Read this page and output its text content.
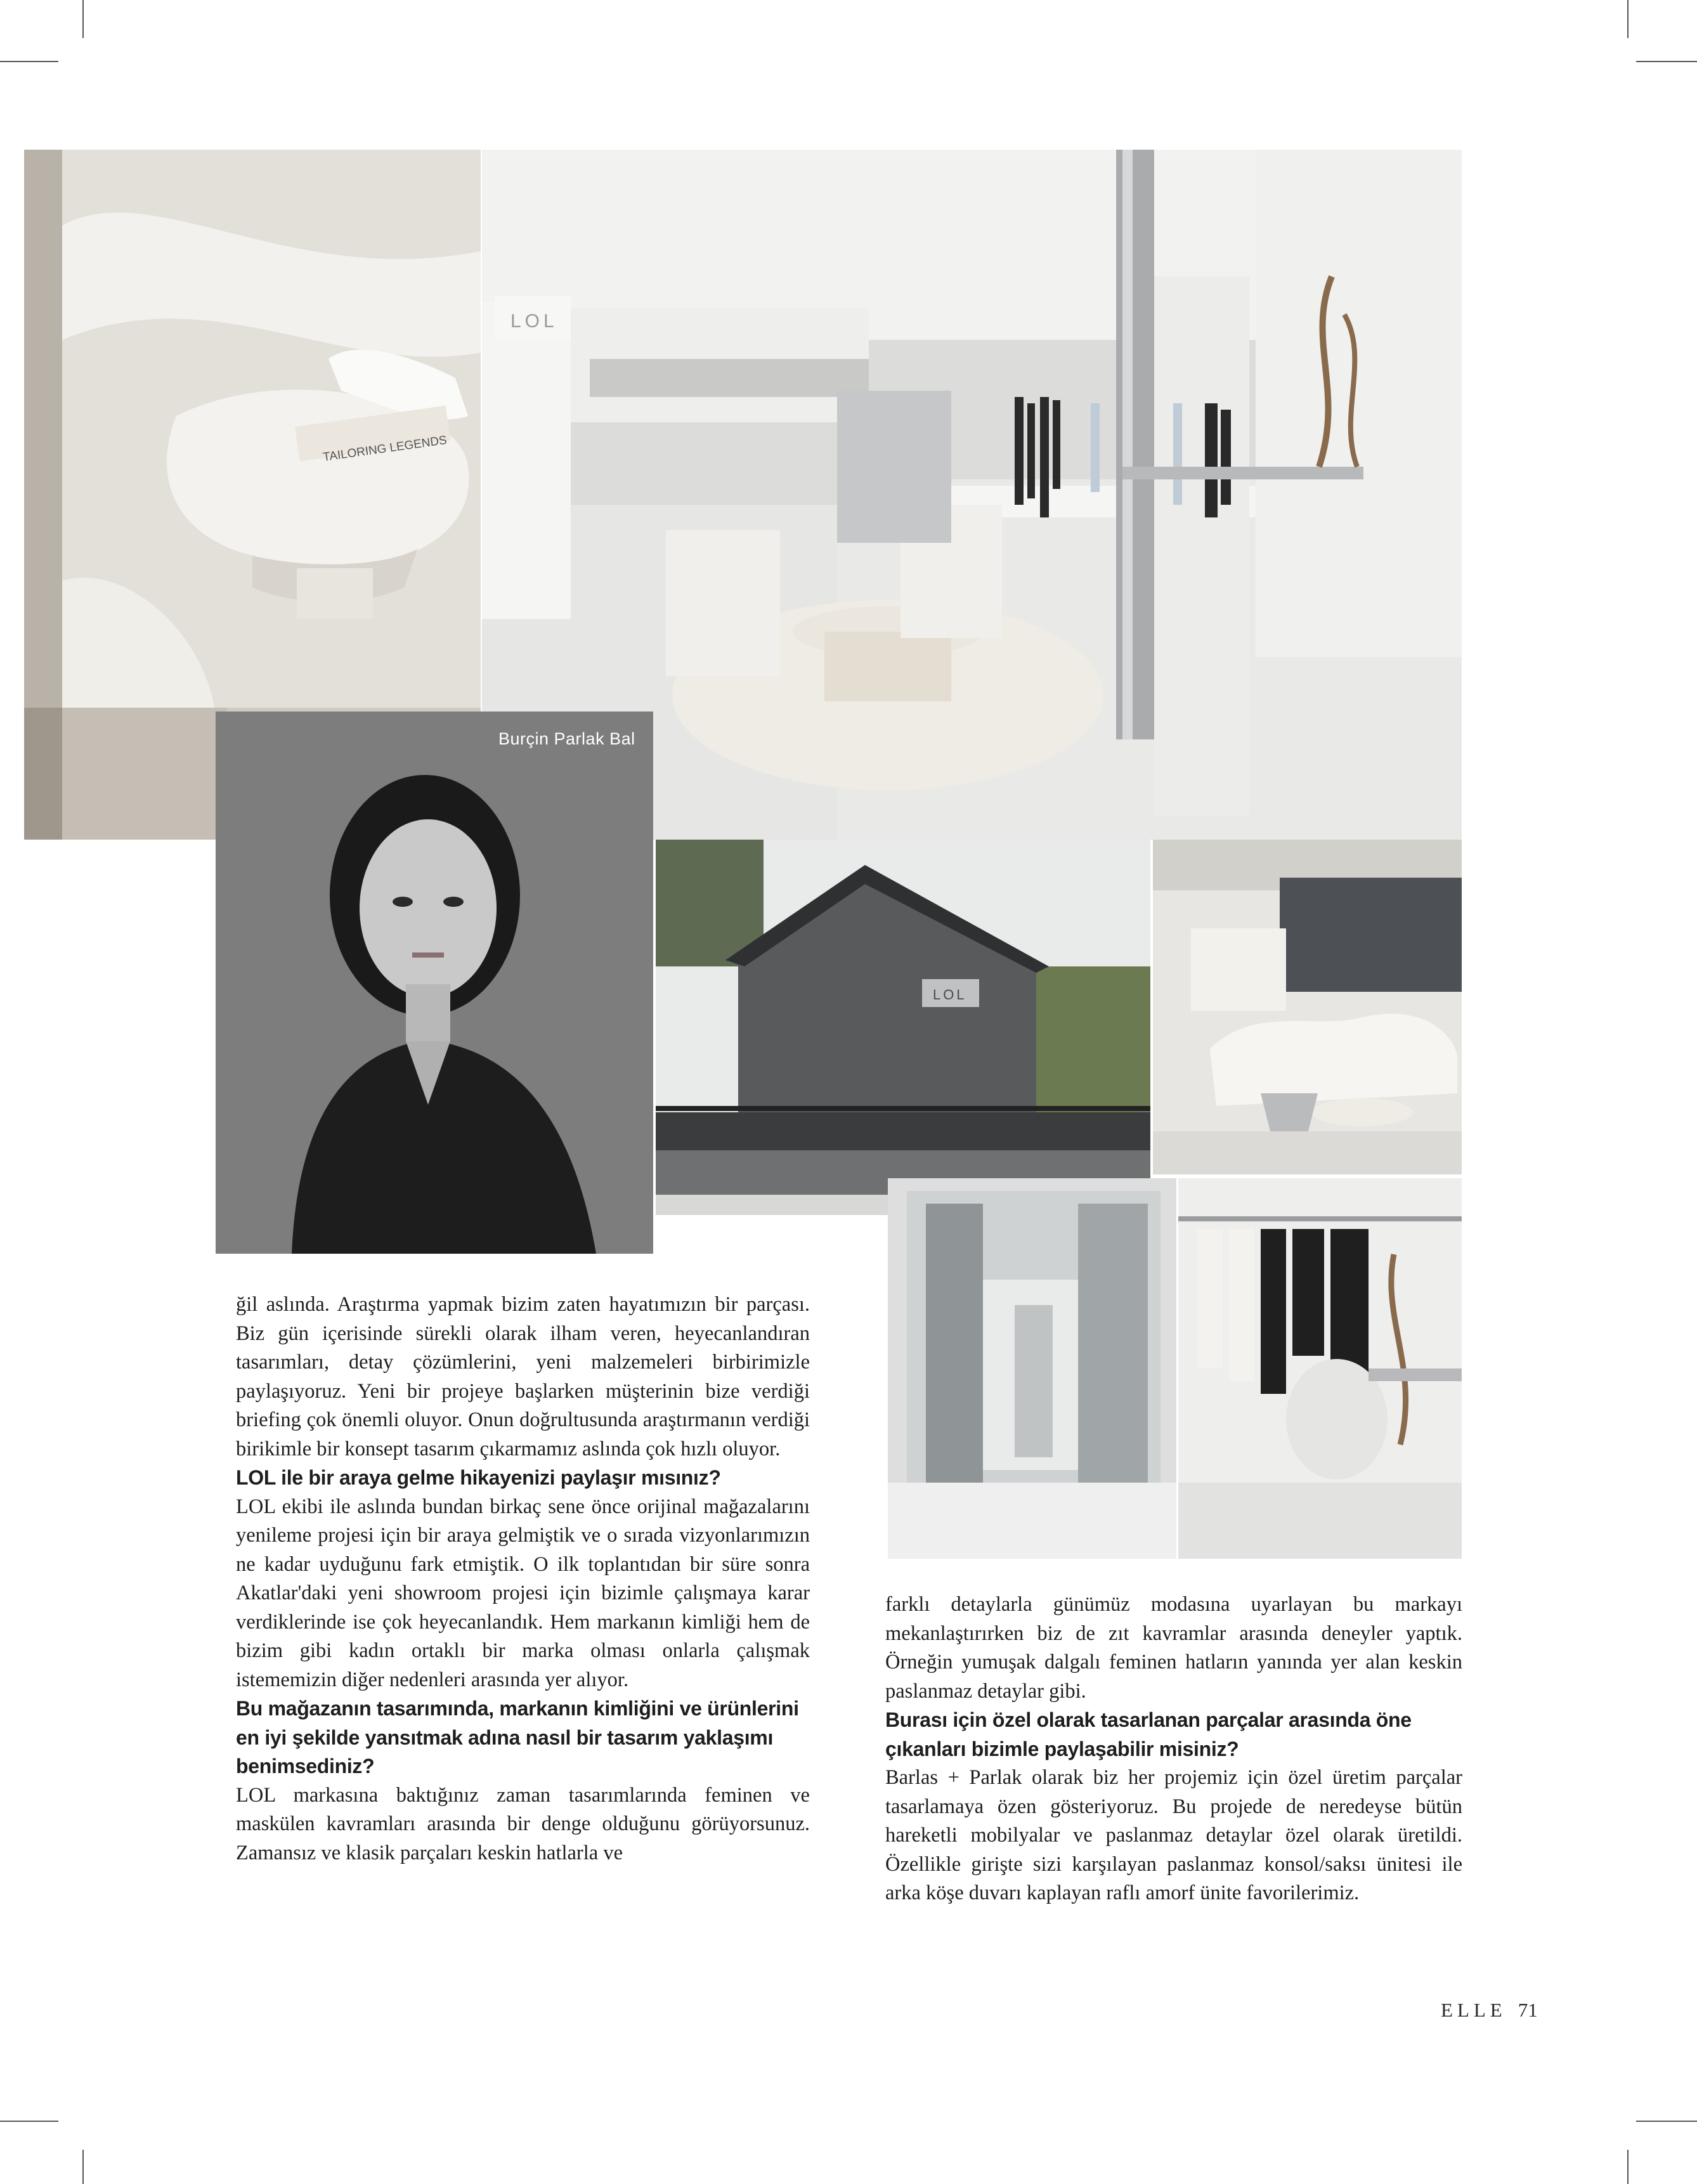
TAILORING LEGENDS
LOL
Burçin Parlak Bal
LOL

ğil aslında. Araştırma yapmak bizim zaten hayatımızın bir parçası. Biz gün içerisinde sürekli olarak ilham veren, heyecanlandıran tasarımları, detay çözümlerini, yeni malzemeleri birbirimizle paylaşıyoruz. Yeni bir projeye başlarken müşterinin bize verdiği briefing çok önemli oluyor. Onun doğrultusunda araştırmanın verdiği birikimle bir konsept tasarım çıkarmamız aslında çok hızlı oluyor.

LOL ile bir araya gelme hikayenizi paylaşır mısınız?

LOL ekibi ile aslında bundan birkaç sene önce orijinal mağazalarını yenileme projesi için bir araya gelmiştik ve o sırada vizyonlarımızın ne kadar uyduğunu fark etmiştik. O ilk toplantıdan bir süre sonra Akatlar'daki yeni showroom projesi için bizimle çalışmaya karar verdiklerinde ise çok heyecanlandık. Hem markanın kimliği hem de bizim gibi kadın ortaklı bir marka olması onlarla çalışmak istememizin diğer nedenleri arasında yer alıyor.

Bu mağazanın tasarımında, markanın kimliğini ve ürünlerini en iyi şekilde yansıtmak adına nasıl bir tasarım yaklaşımı benimsediniz?

LOL markasına baktığınız zaman tasarımlarında feminen ve maskülen kavramları arasında bir denge olduğunu görüyorsunuz. Zamansız ve klasik parçaları keskin hatlarla ve

farklı detaylarla günümüz modasına uyarlayan bu markayı mekanlaştırırken biz de zıt kavramlar arasında deneyler yaptık. Örneğin yumuşak dalgalı feminen hatların yanında yer alan keskin paslanmaz detaylar gibi.

Burası için özel olarak tasarlanan parçalar arasında öne çıkanları bizimle paylaşabilir misiniz?

Barlas + Parlak olarak biz her projemiz için özel üretim parçalar tasarlamaya özen gösteriyoruz. Bu projede de neredeyse bütün hareketli mobilyalar ve paslanmaz detaylar özel olarak üretildi. Özellikle girişte sizi karşılayan paslanmaz konsol/saksı ünitesi ile arka köşe duvarı kaplayan raflı amorf ünite favorilerimiz.

ELLE 71
